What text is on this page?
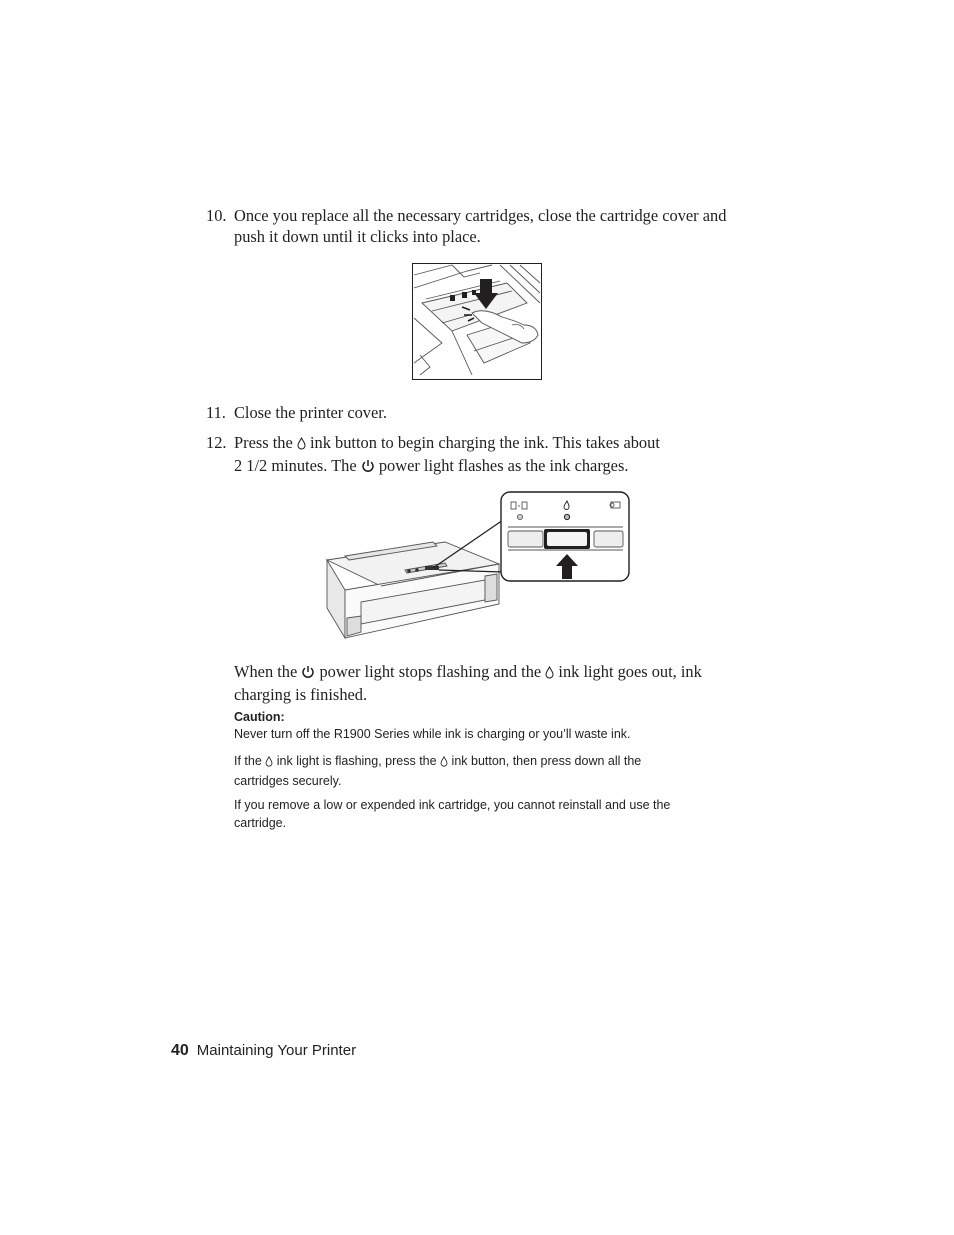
10. Once you replace all the necessary cartridges, close the cartridge cover and
push it down until it clicks into place.
11. Close the printer cover.
12. Press the ink button to begin charging the ink. This takes about
2 1/2 minutes. The power light flashes as the ink charges.
When the power light stops flashing and the ink light goes out, ink
charging is finished.
Caution:
Never turn off the R1900 Series while ink is charging or you’ll waste ink.
If the ink light is flashing, press the ink button, then press down all the
cartridges securely.
If you remove a low or expended ink cartridge, you cannot reinstall and use the
cartridge.
40 Maintaining Your Printer
